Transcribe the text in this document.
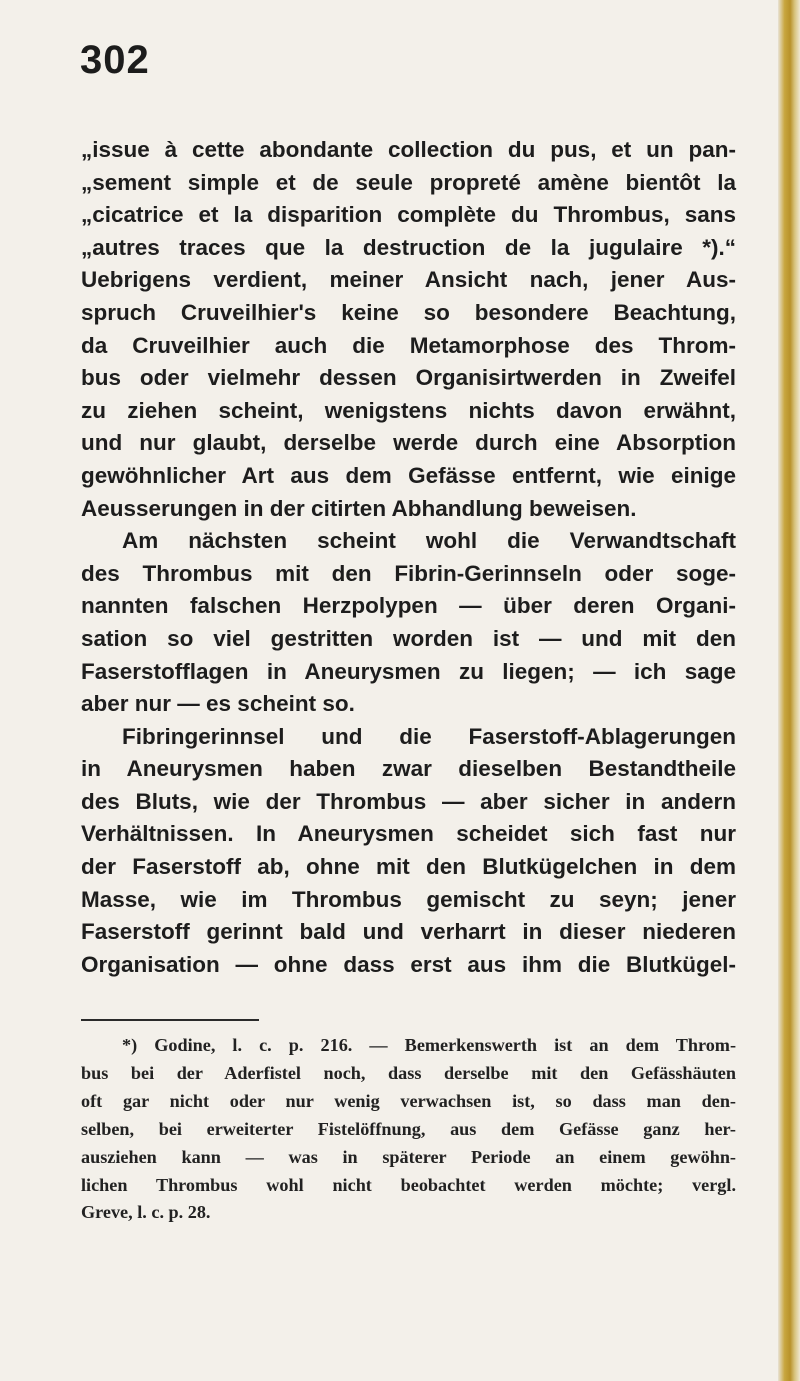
302
„issue à cette abondante collection du pus, et un pan-
„sement simple et de seule propreté amène bientôt la
„cicatrice et la disparition complète du Thrombus, sans
„autres traces que la destruction de la jugulaire *).“
Uebrigens verdient, meiner Ansicht nach, jener Aus-
spruch Cruveilhier's keine so besondere Beachtung,
da Cruveilhier auch die Metamorphose des Throm-
bus oder vielmehr dessen Organisirtwerden in Zweifel
zu ziehen scheint, wenigstens nichts davon erwähnt,
und nur glaubt, derselbe werde durch eine Absorption
gewöhnlicher Art aus dem Gefässe entfernt, wie einige
Aeusserungen in der citirten Abhandlung beweisen.
Am nächsten scheint wohl die Verwandtschaft
des Thrombus mit den Fibrin-Gerinnseln oder soge-
nannten falschen Herzpolypen — über deren Organi-
sation so viel gestritten worden ist — und mit den
Faserstofflagen in Aneurysmen zu liegen; — ich sage
aber nur — es scheint so.
Fibringerinnsel und die Faserstoff-Ablagerungen
in Aneurysmen haben zwar dieselben Bestandtheile
des Bluts, wie der Thrombus — aber sicher in andern
Verhältnissen. In Aneurysmen scheidet sich fast nur
der Faserstoff ab, ohne mit den Blutkügelchen in dem
Masse, wie im Thrombus gemischt zu seyn; jener
Faserstoff gerinnt bald und verharrt in dieser niederen
Organisation — ohne dass erst aus ihm die Blutkügel-
*) Godine, l. c. p. 216. — Bemerkenswerth ist an dem Throm-
bus bei der Aderfistel noch, dass derselbe mit den Gefässhäuten
oft gar nicht oder nur wenig verwachsen ist, so dass man den-
selben, bei erweiterter Fistelöffnung, aus dem Gefässe ganz her-
ausziehen kann — was in späterer Periode an einem gewöhn-
lichen Thrombus wohl nicht beobachtet werden möchte; vergl.
Greve, l. c. p. 28.
